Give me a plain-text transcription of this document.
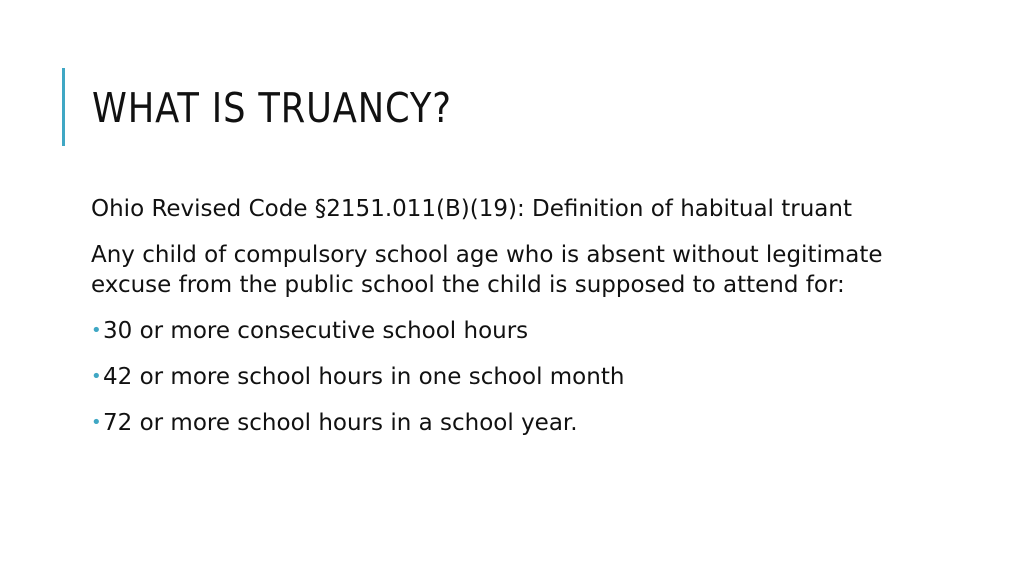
WHAT IS TRUANCY?

Ohio Revised Code §2151.011(B)(19): Definition of habitual truant

Any child of compulsory school age who is absent without legitimate excuse from the public school the child is supposed to attend for:

• 30 or more consecutive school hours
• 42 or more school hours in one school month
• 72 or more school hours in a school year.
